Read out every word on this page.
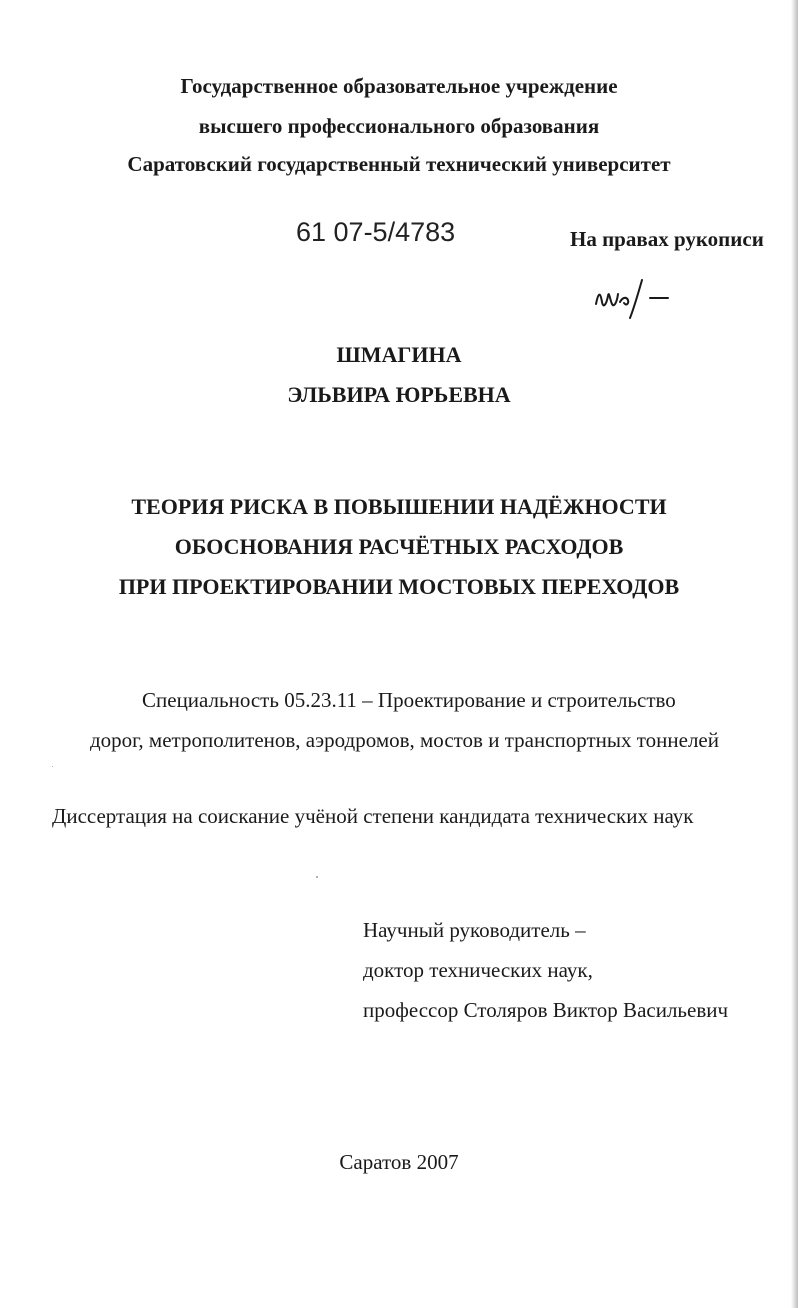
Государственное образовательное учреждение
высшего профессионального образования
Саратовский государственный технический университет
61 07-5/4783	На правах рукописи
ШМАГИНА
ЭЛЬВИРА ЮРЬЕВНА
ТЕОРИЯ РИСКА В ПОВЫШЕНИИ НАДЁЖНОСТИ
ОБОСНОВАНИЯ РАСЧЁТНЫХ РАСХОДОВ
ПРИ ПРОЕКТИРОВАНИИ МОСТОВЫХ ПЕРЕХОДОВ
Специальность 05.23.11 – Проектирование и строительство
дорог, метрополитенов, аэродромов, мостов и транспортных тоннелей
Диссертация на соискание учёной степени кандидата технических наук
Научный руководитель –
доктор технических наук,
профессор Столяров Виктор Васильевич
Саратов 2007
